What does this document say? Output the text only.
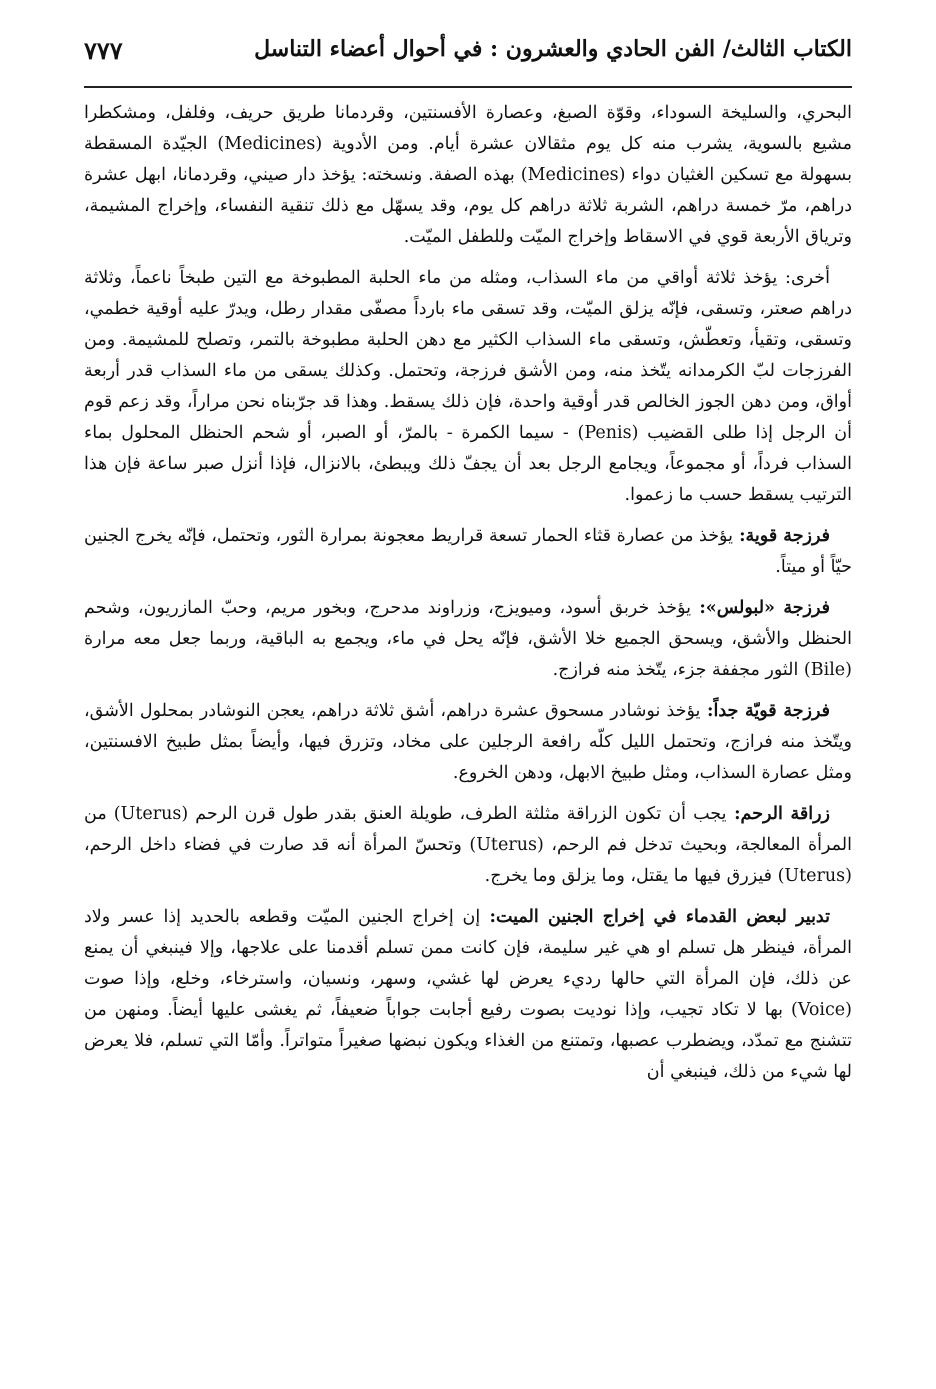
الكتاب الثالث/ الفن الحادي والعشرون : في أحوال أعضاء التناسل
٧٧٧

البحري، والسليخة السوداء، وقوّة الصبغ، وعصارة الأفسنتين، وقردمانا طريق حريف، وفلفل، ومشكطرا مشيع بالسوية، يشرب منه كل يوم مثقالان عشرة أيام. ومن الأدوية (Medicines) الجيّدة المسقطة بسهولة مع تسكين الغثيان دواء (Medicines) بهذه الصفة. ونسخته: يؤخذ دار صيني، وقردمانا، ابهل عشرة دراهم، مرّ خمسة دراهم، الشربة ثلاثة دراهم كل يوم، وقد يسهّل مع ذلك تنقية النفساء، وإخراج المشيمة، وترياق الأربعة قوي في الاسقاط وإخراج الميّت وللطفل الميّت.

أخرى: يؤخذ ثلاثة أواقي من ماء السذاب، ومثله من ماء الحلبة المطبوخة مع التين طبخاً ناعماً، وثلاثة دراهم صعتر، وتسقى، فإنّه يزلق الميّت، وقد تسقى ماء بارداً مصفّى مقدار رطل، ويدرّ عليه أوقية خطمي، وتسقى، وتقيأ، وتعطّش، وتسقى ماء السذاب الكثير مع دهن الحلبة مطبوخة بالتمر، وتصلح للمشيمة. ومن الفرزجات لبّ الكرمدانه يتّخذ منه، ومن الأشق فرزجة، وتحتمل. وكذلك يسقى من ماء السذاب قدر أربعة أواق، ومن دهن الجوز الخالص قدر أوقية واحدة، فإن ذلك يسقط. وهذا قد جرّبناه نحن مراراً، وقد زعم قوم أن الرجل إذا طلى القضيب (Penis) - سيما الكمرة - بالمرّ، أو الصبر، أو شحم الحنظل المحلول بماء السذاب فرداً، أو مجموعاً، ويجامع الرجل بعد أن يجفّ ذلك ويبطئ، بالانزال، فإذا أنزل صبر ساعة فإن هذا الترتيب يسقط حسب ما زعموا.

فرزجة قوية: يؤخذ من عصارة قثاء الحمار تسعة قراريط معجونة بمرارة الثور، وتحتمل، فإنّه يخرج الجنين حيّاً أو ميتاً.

فرزجة «لبولس»: يؤخذ خربق أسود، وميويزج، وزراوند مدحرج، وبخور مريم، وحبّ المازريون، وشحم الحنظل والأشق، ويسحق الجميع خلا الأشق، فإنّه يحل في ماء، ويجمع به الباقية، وربما جعل معه مرارة (Bile) الثور مجففة جزء، يتّخذ منه فرازج.

فرزجة قويّة جداً: يؤخذ نوشادر مسحوق عشرة دراهم، أشق ثلاثة دراهم، يعجن النوشادر بمحلول الأشق، ويتّخذ منه فرازج، وتحتمل الليل كلّه رافعة الرجلين على مخاد، وتزرق فيها، وأيضاً بمثل طبيخ الافسنتين، ومثل عصارة السذاب، ومثل طبيخ الابهل، ودهن الخروع.

زراقة الرحم: يجب أن تكون الزراقة مثلثة الطرف، طويلة العنق بقدر طول قرن الرحم (Uterus) من المرأة المعالجة، وبحيث تدخل فم الرحم، (Uterus) وتحسّ المرأة أنه قد صارت في فضاء داخل الرحم، (Uterus) فيزرق فيها ما يقتل، وما يزلق وما يخرج.

تدبير لبعض القدماء في إخراج الجنين الميت: إن إخراج الجنين الميّت وقطعه بالحديد إذا عسر ولاد المرأة، فينظر هل تسلم او هي غير سليمة، فإن كانت ممن تسلم أقدمنا على علاجها، وإلا فينبغي أن يمنع عن ذلك، فإن المرأة التي حالها رديء يعرض لها غشي، وسهر، ونسيان، واسترخاء، وخلع، وإذا صوت (Voice) بها لا تكاد تجيب، وإذا نوديت بصوت رفيع أجابت جواباً ضعيفاً، ثم يغشى عليها أيضاً. ومنهن من تتشنج مع تمدّد، ويضطرب عصبها، وتمتنع من الغذاء ويكون نبضها صغيراً متواتراً. وأمّا التي تسلم، فلا يعرض لها شيء من ذلك، فينبغي أن
